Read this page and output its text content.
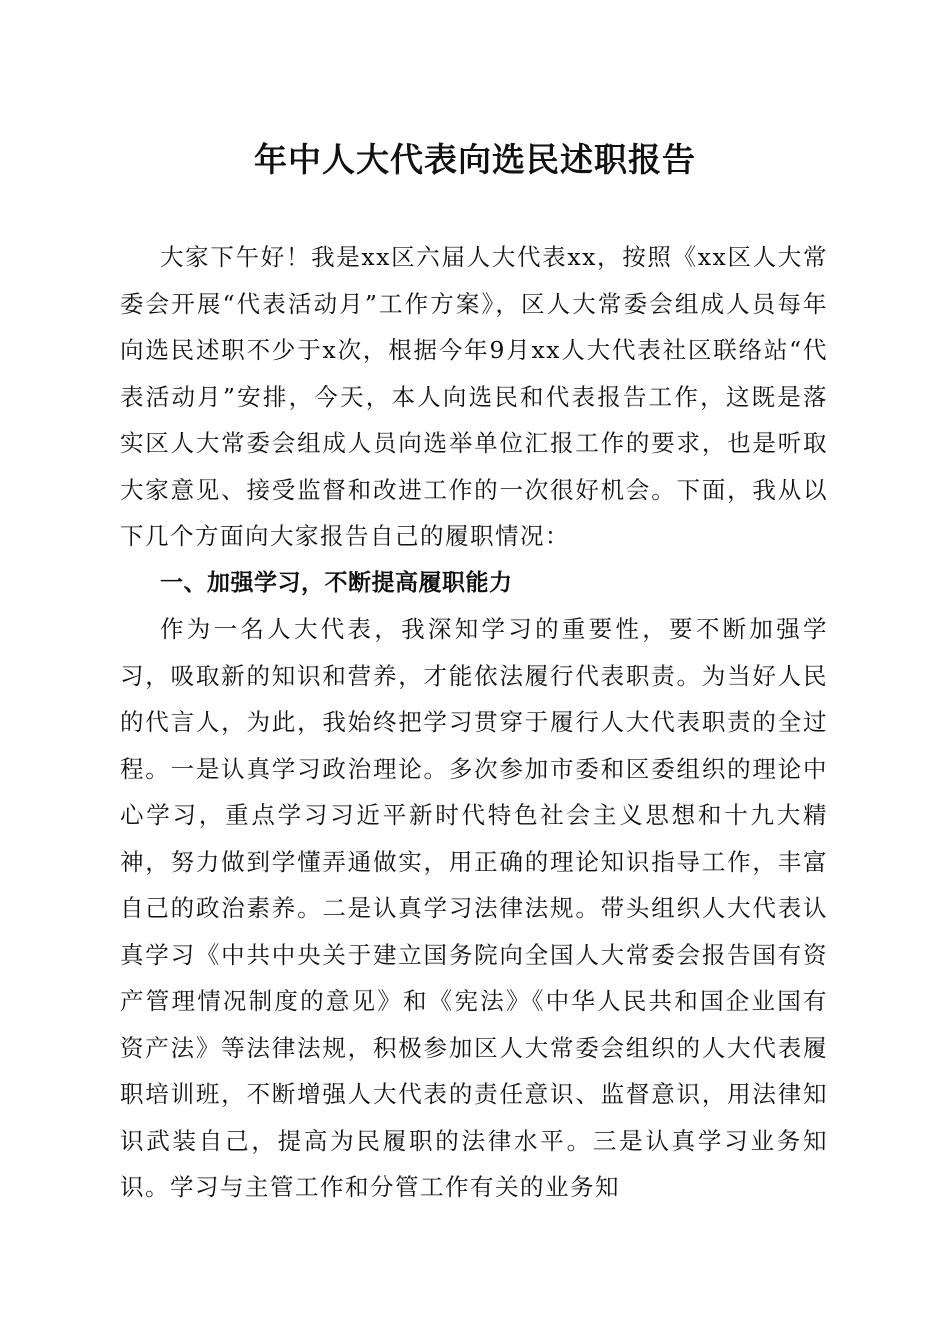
年中人大代表向选民述职报告

大家下午好！我是xx区六届人大代表xx，按照《xx区人大常委会开展“代表活动月”工作方案》，区人大常委会组成人员每年向选民述职不少于x次，根据今年9月xx人大代表社区联络站“代表活动月”安排，今天，本人向选民和代表报告工作，这既是落实区人大常委会组成人员向选举单位汇报工作的要求，也是听取大家意见、接受监督和改进工作的一次很好机会。下面，我从以下几个方面向大家报告自己的履职情况：

一、加强学习，不断提高履职能力

作为一名人大代表，我深知学习的重要性，要不断加强学习，吸取新的知识和营养，才能依法履行代表职责。为当好人民的代言人，为此，我始终把学习贯穿于履行人大代表职责的全过程。一是认真学习政治理论。多次参加市委和区委组织的理论中心学习，重点学习习近平新时代特色社会主义思想和十九大精神，努力做到学懂弄通做实，用正确的理论知识指导工作，丰富自己的政治素养。二是认真学习法律法规。带头组织人大代表认真学习《中共中央关于建立国务院向全国人大常委会报告国有资产管理情况制度的意见》和《宪法》《中华人民共和国企业国有资产法》等法律法规，积极参加区人大常委会组织的人大代表履职培训班，不断增强人大代表的责任意识、监督意识，用法律知识武装自己，提高为民履职的法律水平。三是认真学习业务知识。学习与主管工作和分管工作有关的业务知
